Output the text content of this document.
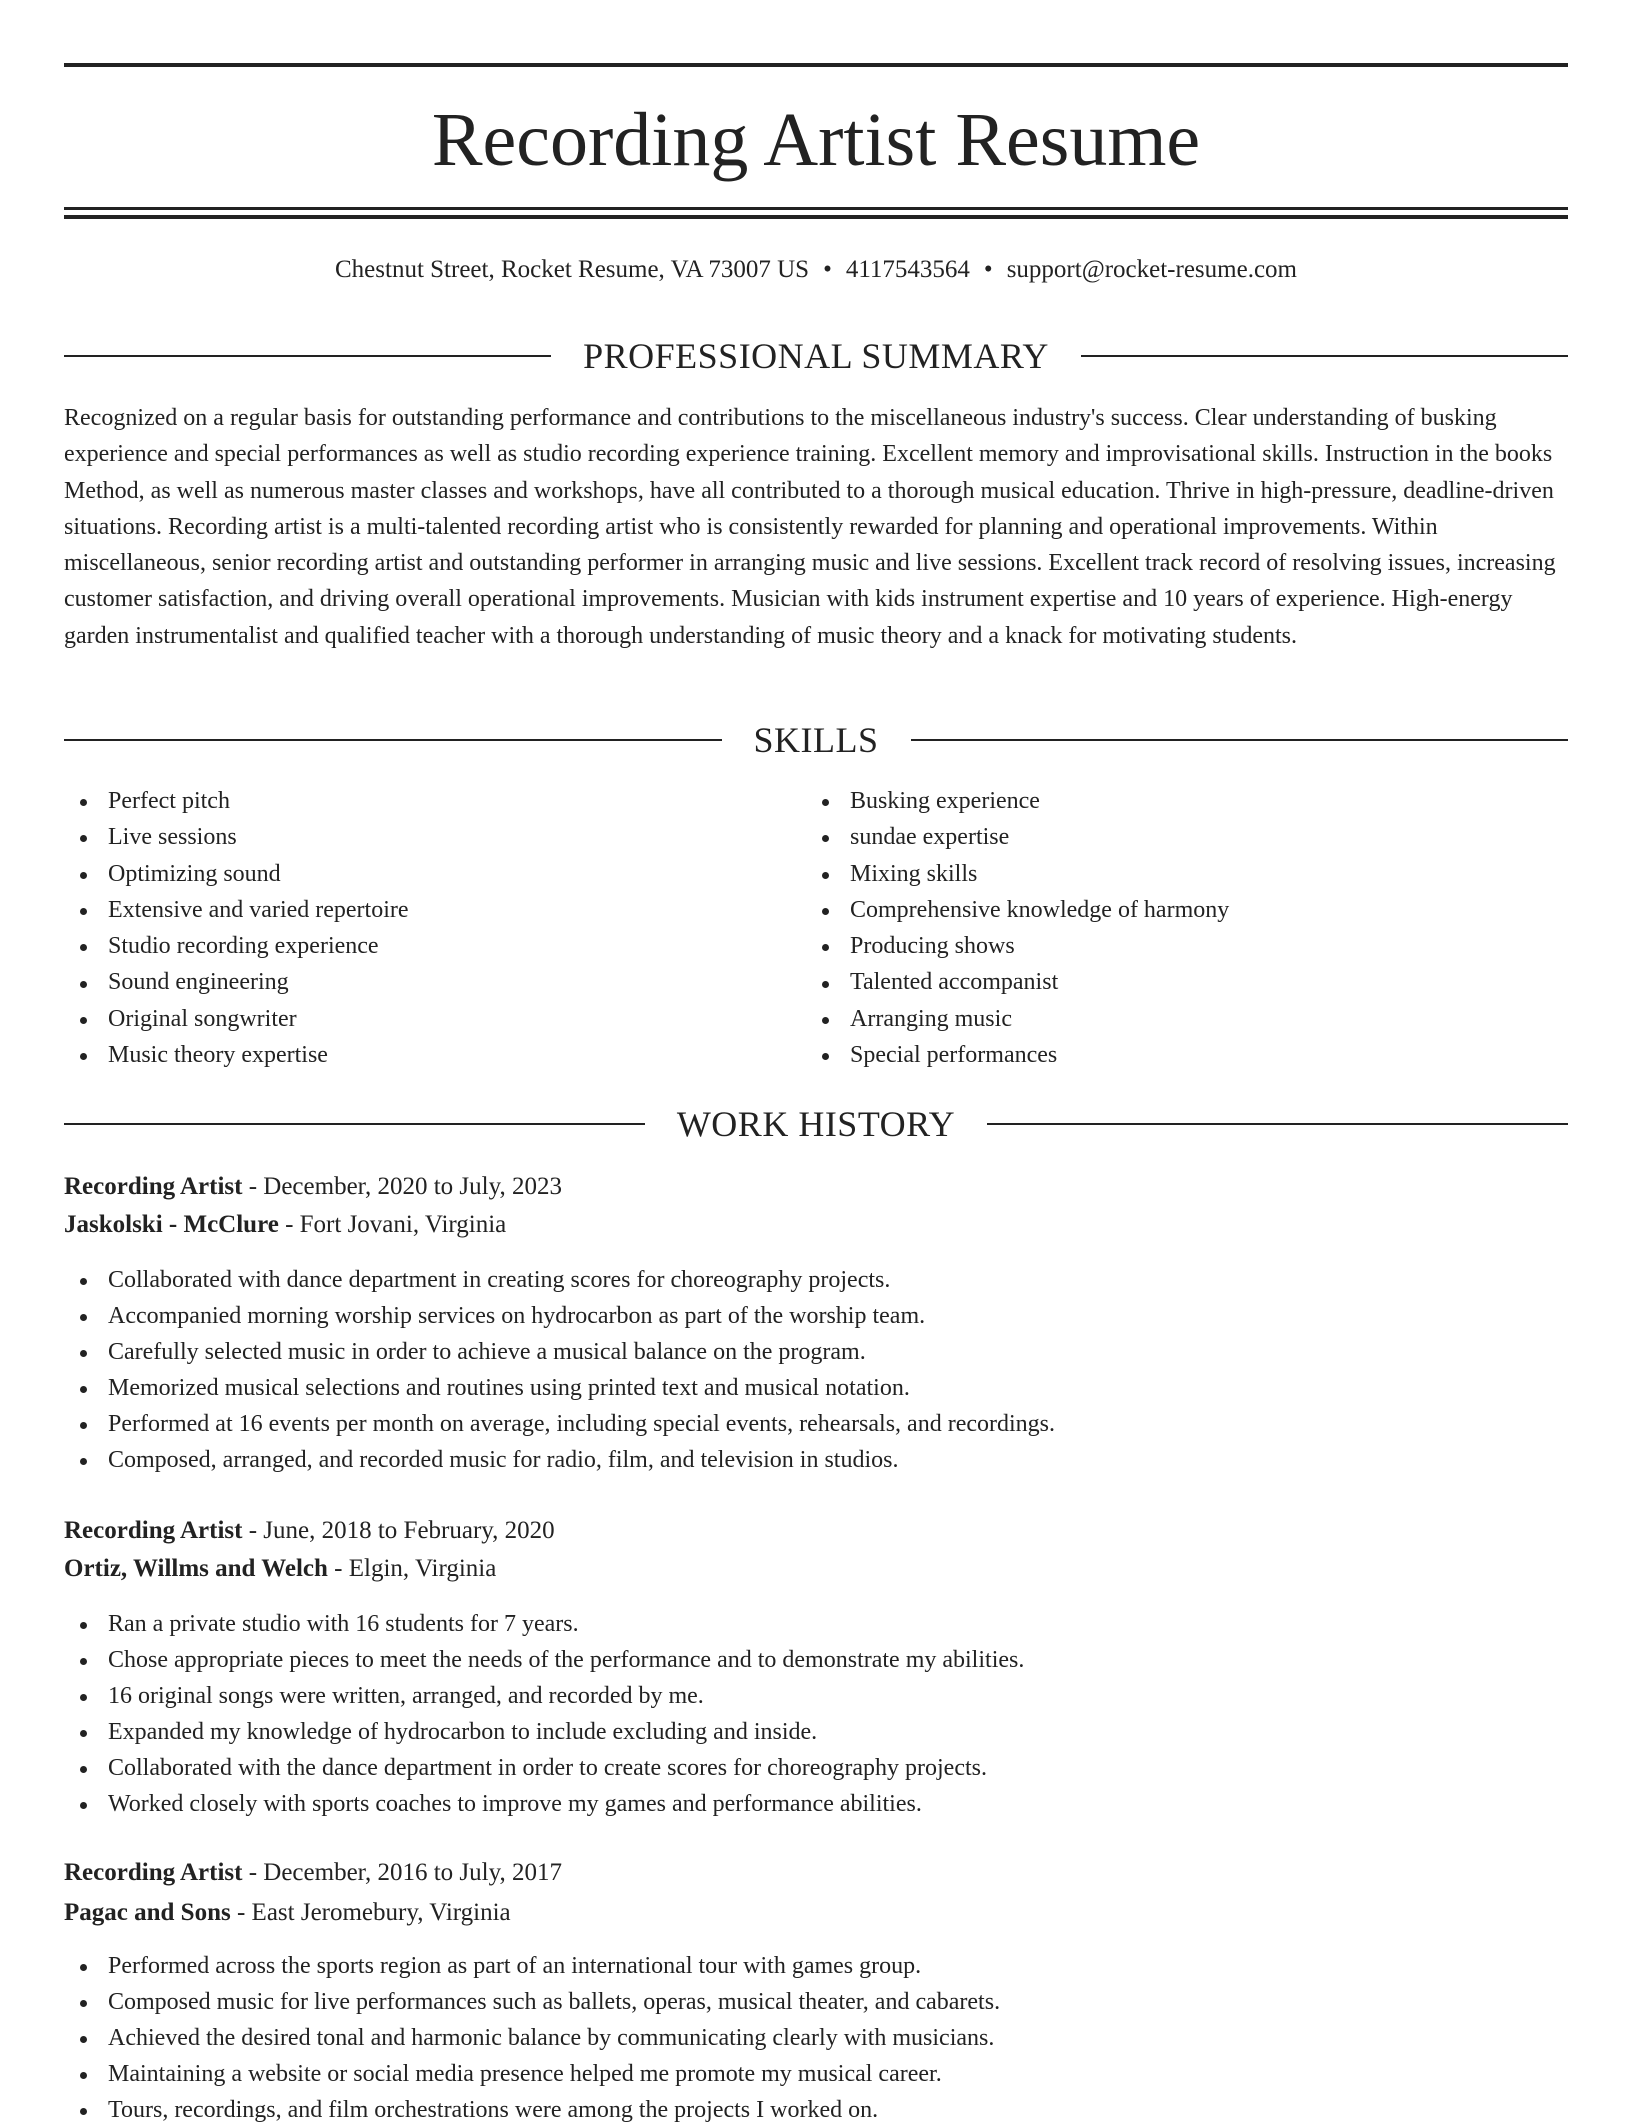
Recording Artist Resume
Chestnut Street, Rocket Resume, VA 73007 US • 4117543564 • support@rocket-resume.com
PROFESSIONAL SUMMARY

Recognized on a regular basis for outstanding performance and contributions to the miscellaneous industry's success. Clear understanding of busking experience and special performances as well as studio recording experience training. Excellent memory and improvisational skills. Instruction in the books Method, as well as numerous master classes and workshops, have all contributed to a thorough musical education. Thrive in high-pressure, deadline-driven situations. Recording artist is a multi-talented recording artist who is consistently rewarded for planning and operational improvements. Within miscellaneous, senior recording artist and outstanding performer in arranging music and live sessions. Excellent track record of resolving issues, increasing customer satisfaction, and driving overall operational improvements. Musician with kids instrument expertise and 10 years of experience. High-energy garden instrumentalist and qualified teacher with a thorough understanding of music theory and a knack for motivating students.

SKILLS
Perfect pitch
Live sessions
Optimizing sound
Extensive and varied repertoire
Studio recording experience
Sound engineering
Original songwriter
Music theory expertise
Busking experience
sundae expertise
Mixing skills
Comprehensive knowledge of harmony
Producing shows
Talented accompanist
Arranging music
Special performances
WORK HISTORY
Recording Artist - December, 2020 to July, 2023
Jaskolski - McClure - Fort Jovani, Virginia
Collaborated with dance department in creating scores for choreography projects.
Accompanied morning worship services on hydrocarbon as part of the worship team.
Carefully selected music in order to achieve a musical balance on the program.
Memorized musical selections and routines using printed text and musical notation.
Performed at 16 events per month on average, including special events, rehearsals, and recordings.
Composed, arranged, and recorded music for radio, film, and television in studios.
Recording Artist - June, 2018 to February, 2020
Ortiz, Willms and Welch - Elgin, Virginia
Ran a private studio with 16 students for 7 years.
Chose appropriate pieces to meet the needs of the performance and to demonstrate my abilities.
16 original songs were written, arranged, and recorded by me.
Expanded my knowledge of hydrocarbon to include excluding and inside.
Collaborated with the dance department in order to create scores for choreography projects.
Worked closely with sports coaches to improve my games and performance abilities.
Recording Artist - December, 2016 to July, 2017
Pagac and Sons - East Jeromebury, Virginia
Performed across the sports region as part of an international tour with games group.
Composed music for live performances such as ballets, operas, musical theater, and cabarets.
Achieved the desired tonal and harmonic balance by communicating clearly with musicians.
Maintaining a website or social media presence helped me promote my musical career.
Tours, recordings, and film orchestrations were among the projects I worked on.
